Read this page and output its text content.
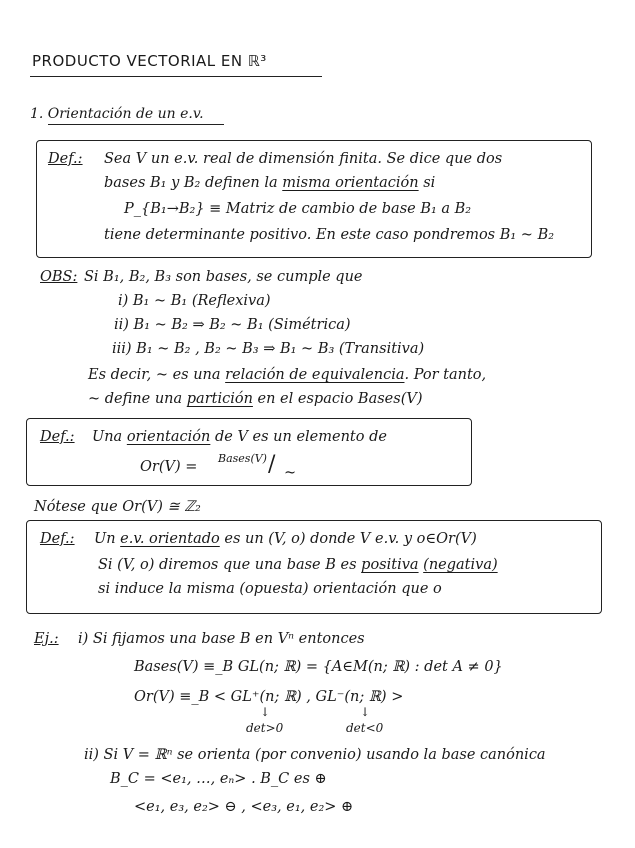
PRODUCTO VECTORIAL EN ℝ³
1. Orientación de un e.v.
Def.: Sea V un e.v. real de dimensión finita. Se dice que dos
bases B₁ y B₂ definen la misma orientación si
P_{B₁→B₂} ≡ Matriz de cambio de base B₁ a B₂
tiene determinante positivo. En este caso pondremos B₁ ~ B₂
OBS: Si B₁, B₂, B₃ son bases, se cumple que
i) B₁ ~ B₁ (Reflexiva)
ii) B₁ ~ B₂ ⇒ B₂ ~ B₁ (Simétrica)
iii) B₁ ~ B₂ , B₂ ~ B₃ ⇒ B₁ ~ B₃ (Transitiva)
Es decir, ~ es una relación de equivalencia. Por tanto,
~ define una partición en el espacio Bases(V)
Def.: Una orientación de V es un elemento de
Or(V) =
Bases(V) / ~
Nótese que Or(V) ≅ ℤ₂
Def.: Un e.v. orientado es un (V, o) donde V e.v. y o∈Or(V)
Si (V, o) diremos que una base B es positiva (negativa)
si induce la misma (opuesta) orientación que o
Ej.: i) Si fijamos una base B en Vⁿ entonces
Bases(V) ≡_B GL(n; ℝ) = {A∈M(n; ℝ) : det A ≠ 0}
Or(V) ≡_B < GL⁺(n; ℝ) , GL⁻(n; ℝ) >
↓
det>0
↓
det<0
ii) Si V = ℝⁿ se orienta (por convenio) usando la base canónica
B_C = <e₁, …, eₙ> . B_C es ⊕
<e₁, e₃, e₂> ⊖ , <e₃, e₁, e₂> ⊕
